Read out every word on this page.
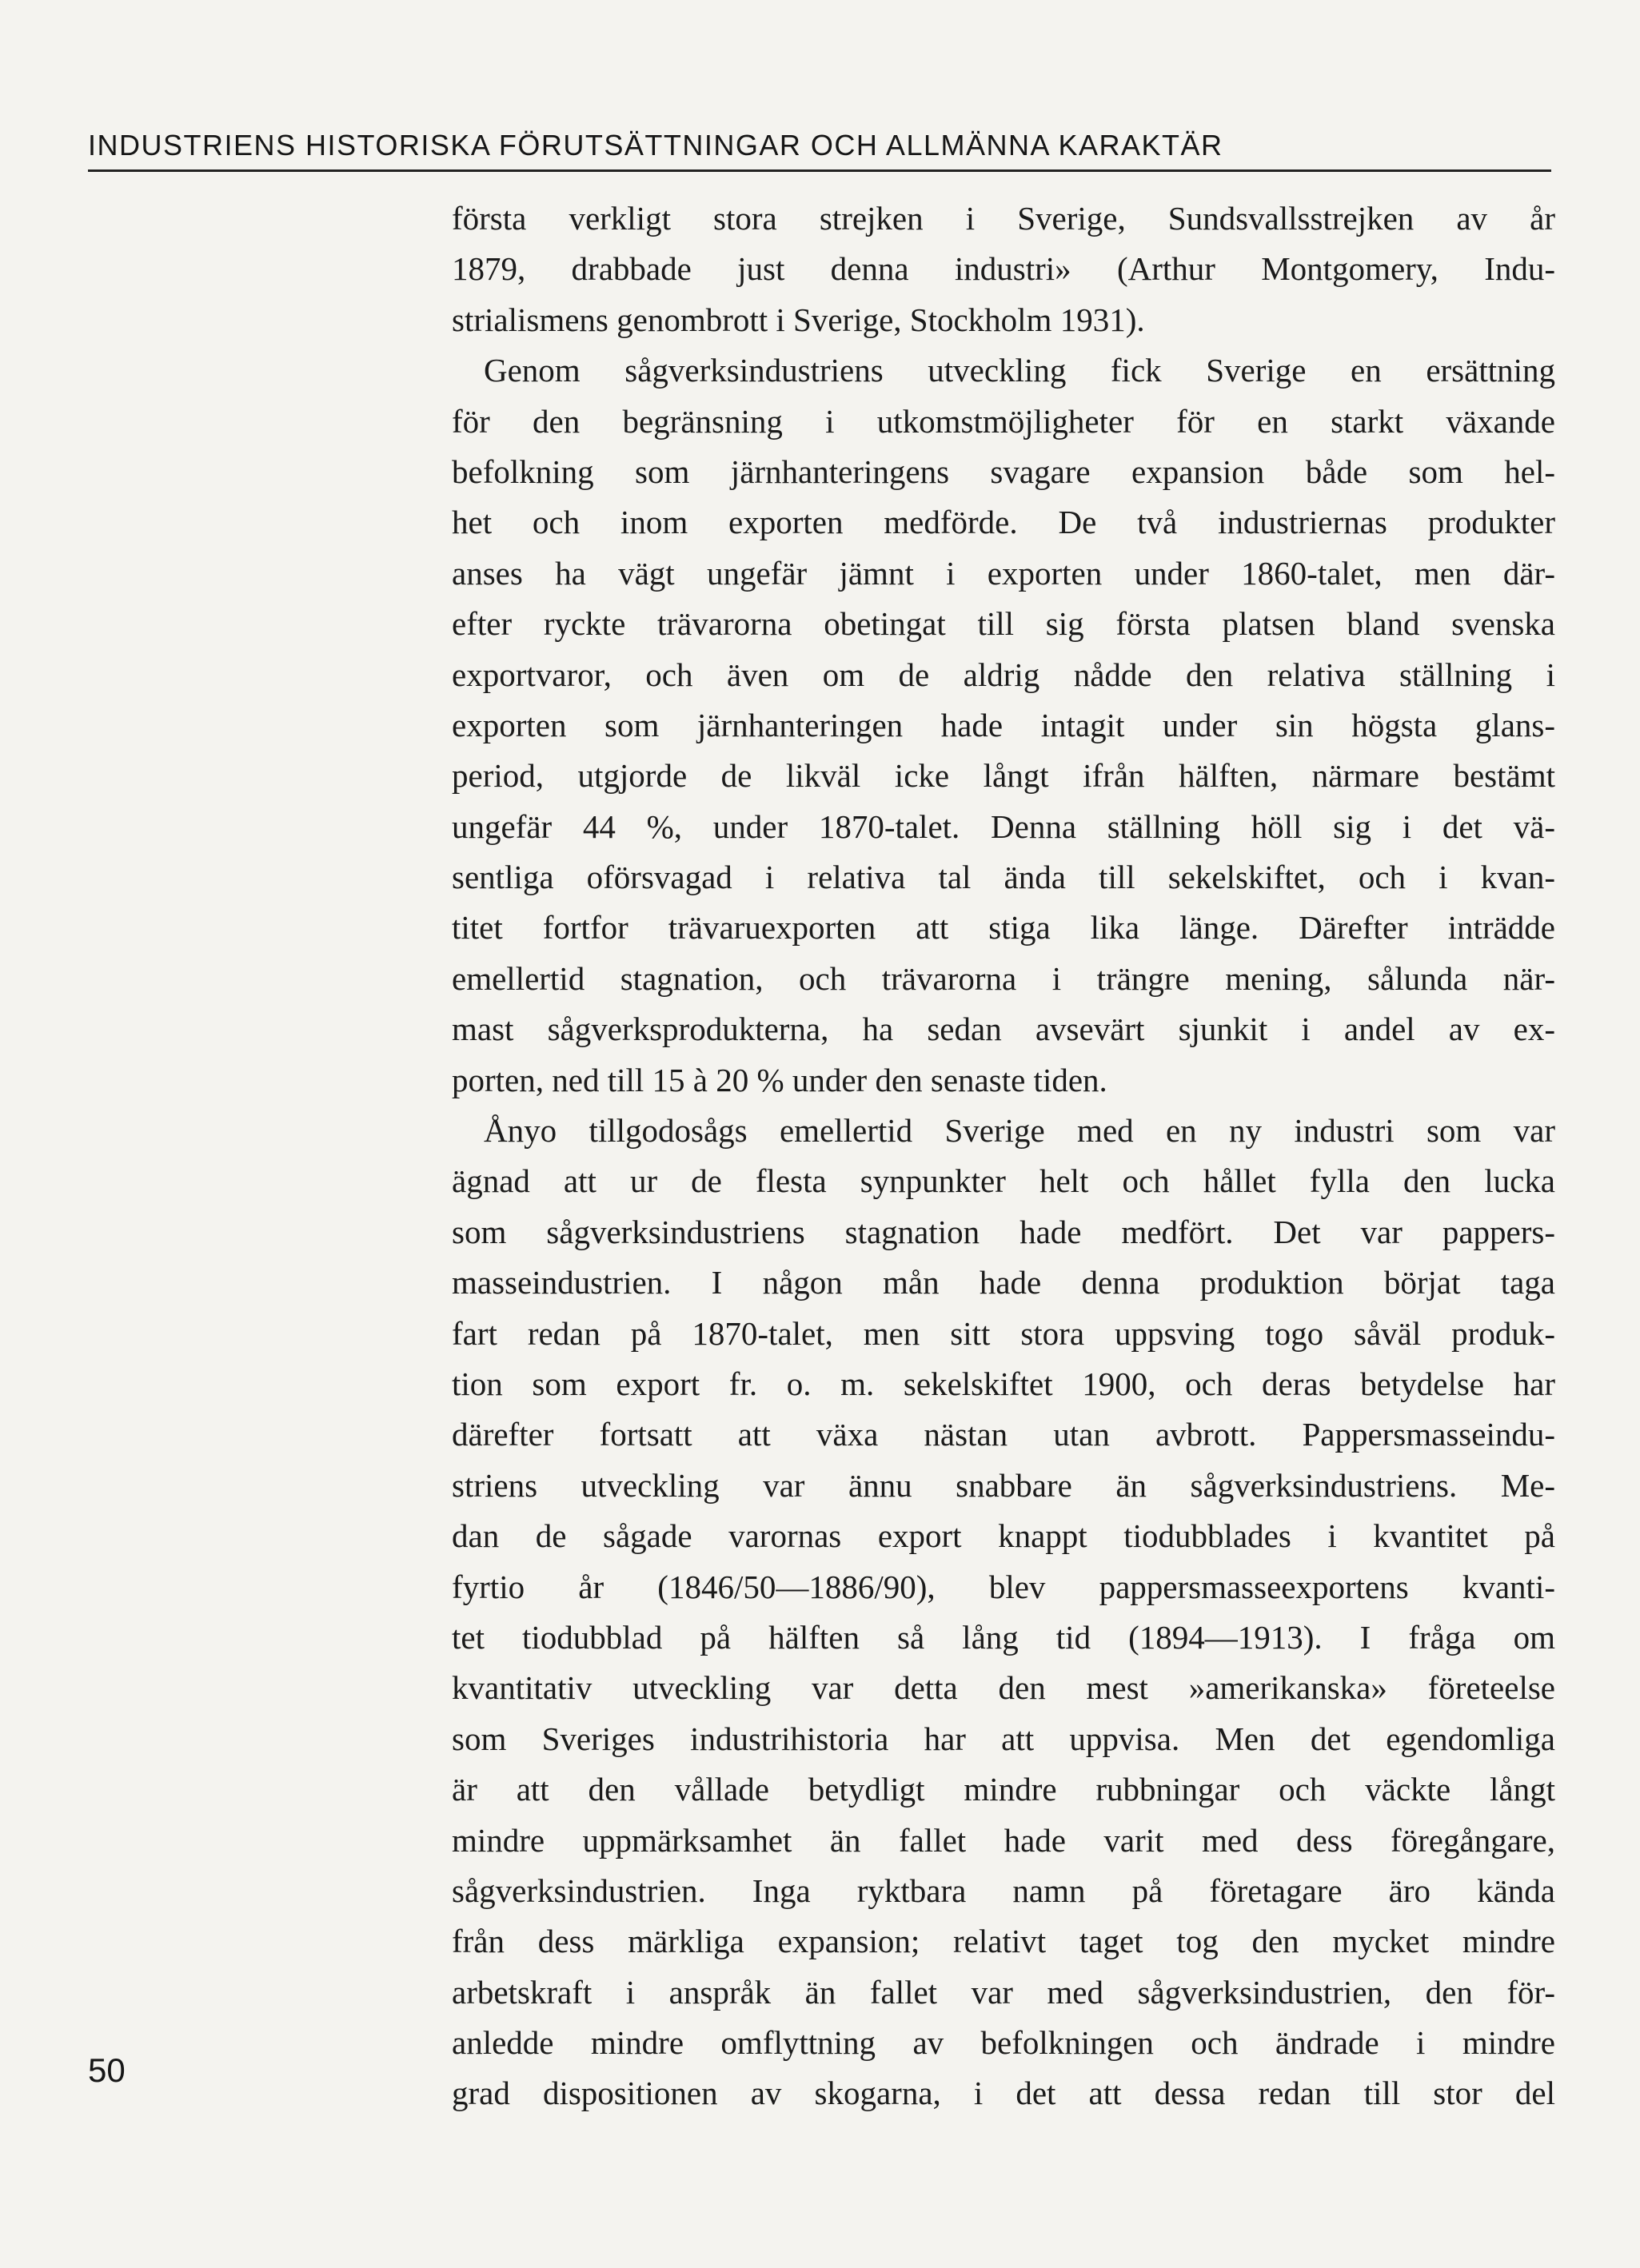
INDUSTRIENS HISTORISKA FÖRUTSÄTTNINGAR OCH ALLMÄNNA KARAKTÄR
första verkligt stora strejken i Sverige, Sundsvallsstrejken av år
1879, drabbade just denna industri» (Arthur Montgomery, Indu-
strialismens genombrott i Sverige, Stockholm 1931).
Genom sågverksindustriens utveckling fick Sverige en ersättning
för den begränsning i utkomstmöjligheter för en starkt växande
befolkning som järnhanteringens svagare expansion både som hel-
het och inom exporten medförde. De två industriernas produkter
anses ha vägt ungefär jämnt i exporten under 1860-talet, men där-
efter ryckte trävarorna obetingat till sig första platsen bland svenska
exportvaror, och även om de aldrig nådde den relativa ställning i
exporten som järnhanteringen hade intagit under sin högsta glans-
period, utgjorde de likväl icke långt ifrån hälften, närmare bestämt
ungefär 44 %, under 1870-talet. Denna ställning höll sig i det vä-
sentliga oförsvagad i relativa tal ända till sekelskiftet, och i kvan-
titet fortfor trävaruexporten att stiga lika länge. Därefter inträdde
emellertid stagnation, och trävarorna i trängre mening, sålunda när-
mast sågverksprodukterna, ha sedan avsevärt sjunkit i andel av ex-
porten, ned till 15 à 20 % under den senaste tiden.
Ånyo tillgodosågs emellertid Sverige med en ny industri som var
ägnad att ur de flesta synpunkter helt och hållet fylla den lucka
som sågverksindustriens stagnation hade medfört. Det var pappers-
masseindustrien. I någon mån hade denna produktion börjat taga
fart redan på 1870-talet, men sitt stora uppsving togo såväl produk-
tion som export fr. o. m. sekelskiftet 1900, och deras betydelse har
därefter fortsatt att växa nästan utan avbrott. Pappersmasseindu-
striens utveckling var ännu snabbare än sågverksindustriens. Me-
dan de sågade varornas export knappt tiodubblades i kvantitet på
fyrtio år (1846/50—1886/90), blev pappersmasseexportens kvanti-
tet tiodubblad på hälften så lång tid (1894—1913). I fråga om
kvantitativ utveckling var detta den mest »amerikanska» företeelse
som Sveriges industrihistoria har att uppvisa. Men det egendomliga
är att den vållade betydligt mindre rubbningar och väckte långt
mindre uppmärksamhet än fallet hade varit med dess föregångare,
sågverksindustrien. Inga ryktbara namn på företagare äro kända
från dess märkliga expansion; relativt taget tog den mycket mindre
arbetskraft i anspråk än fallet var med sågverksindustrien, den för-
anledde mindre omflyttning av befolkningen och ändrade i mindre
grad dispositionen av skogarna, i det att dessa redan till stor del
50
